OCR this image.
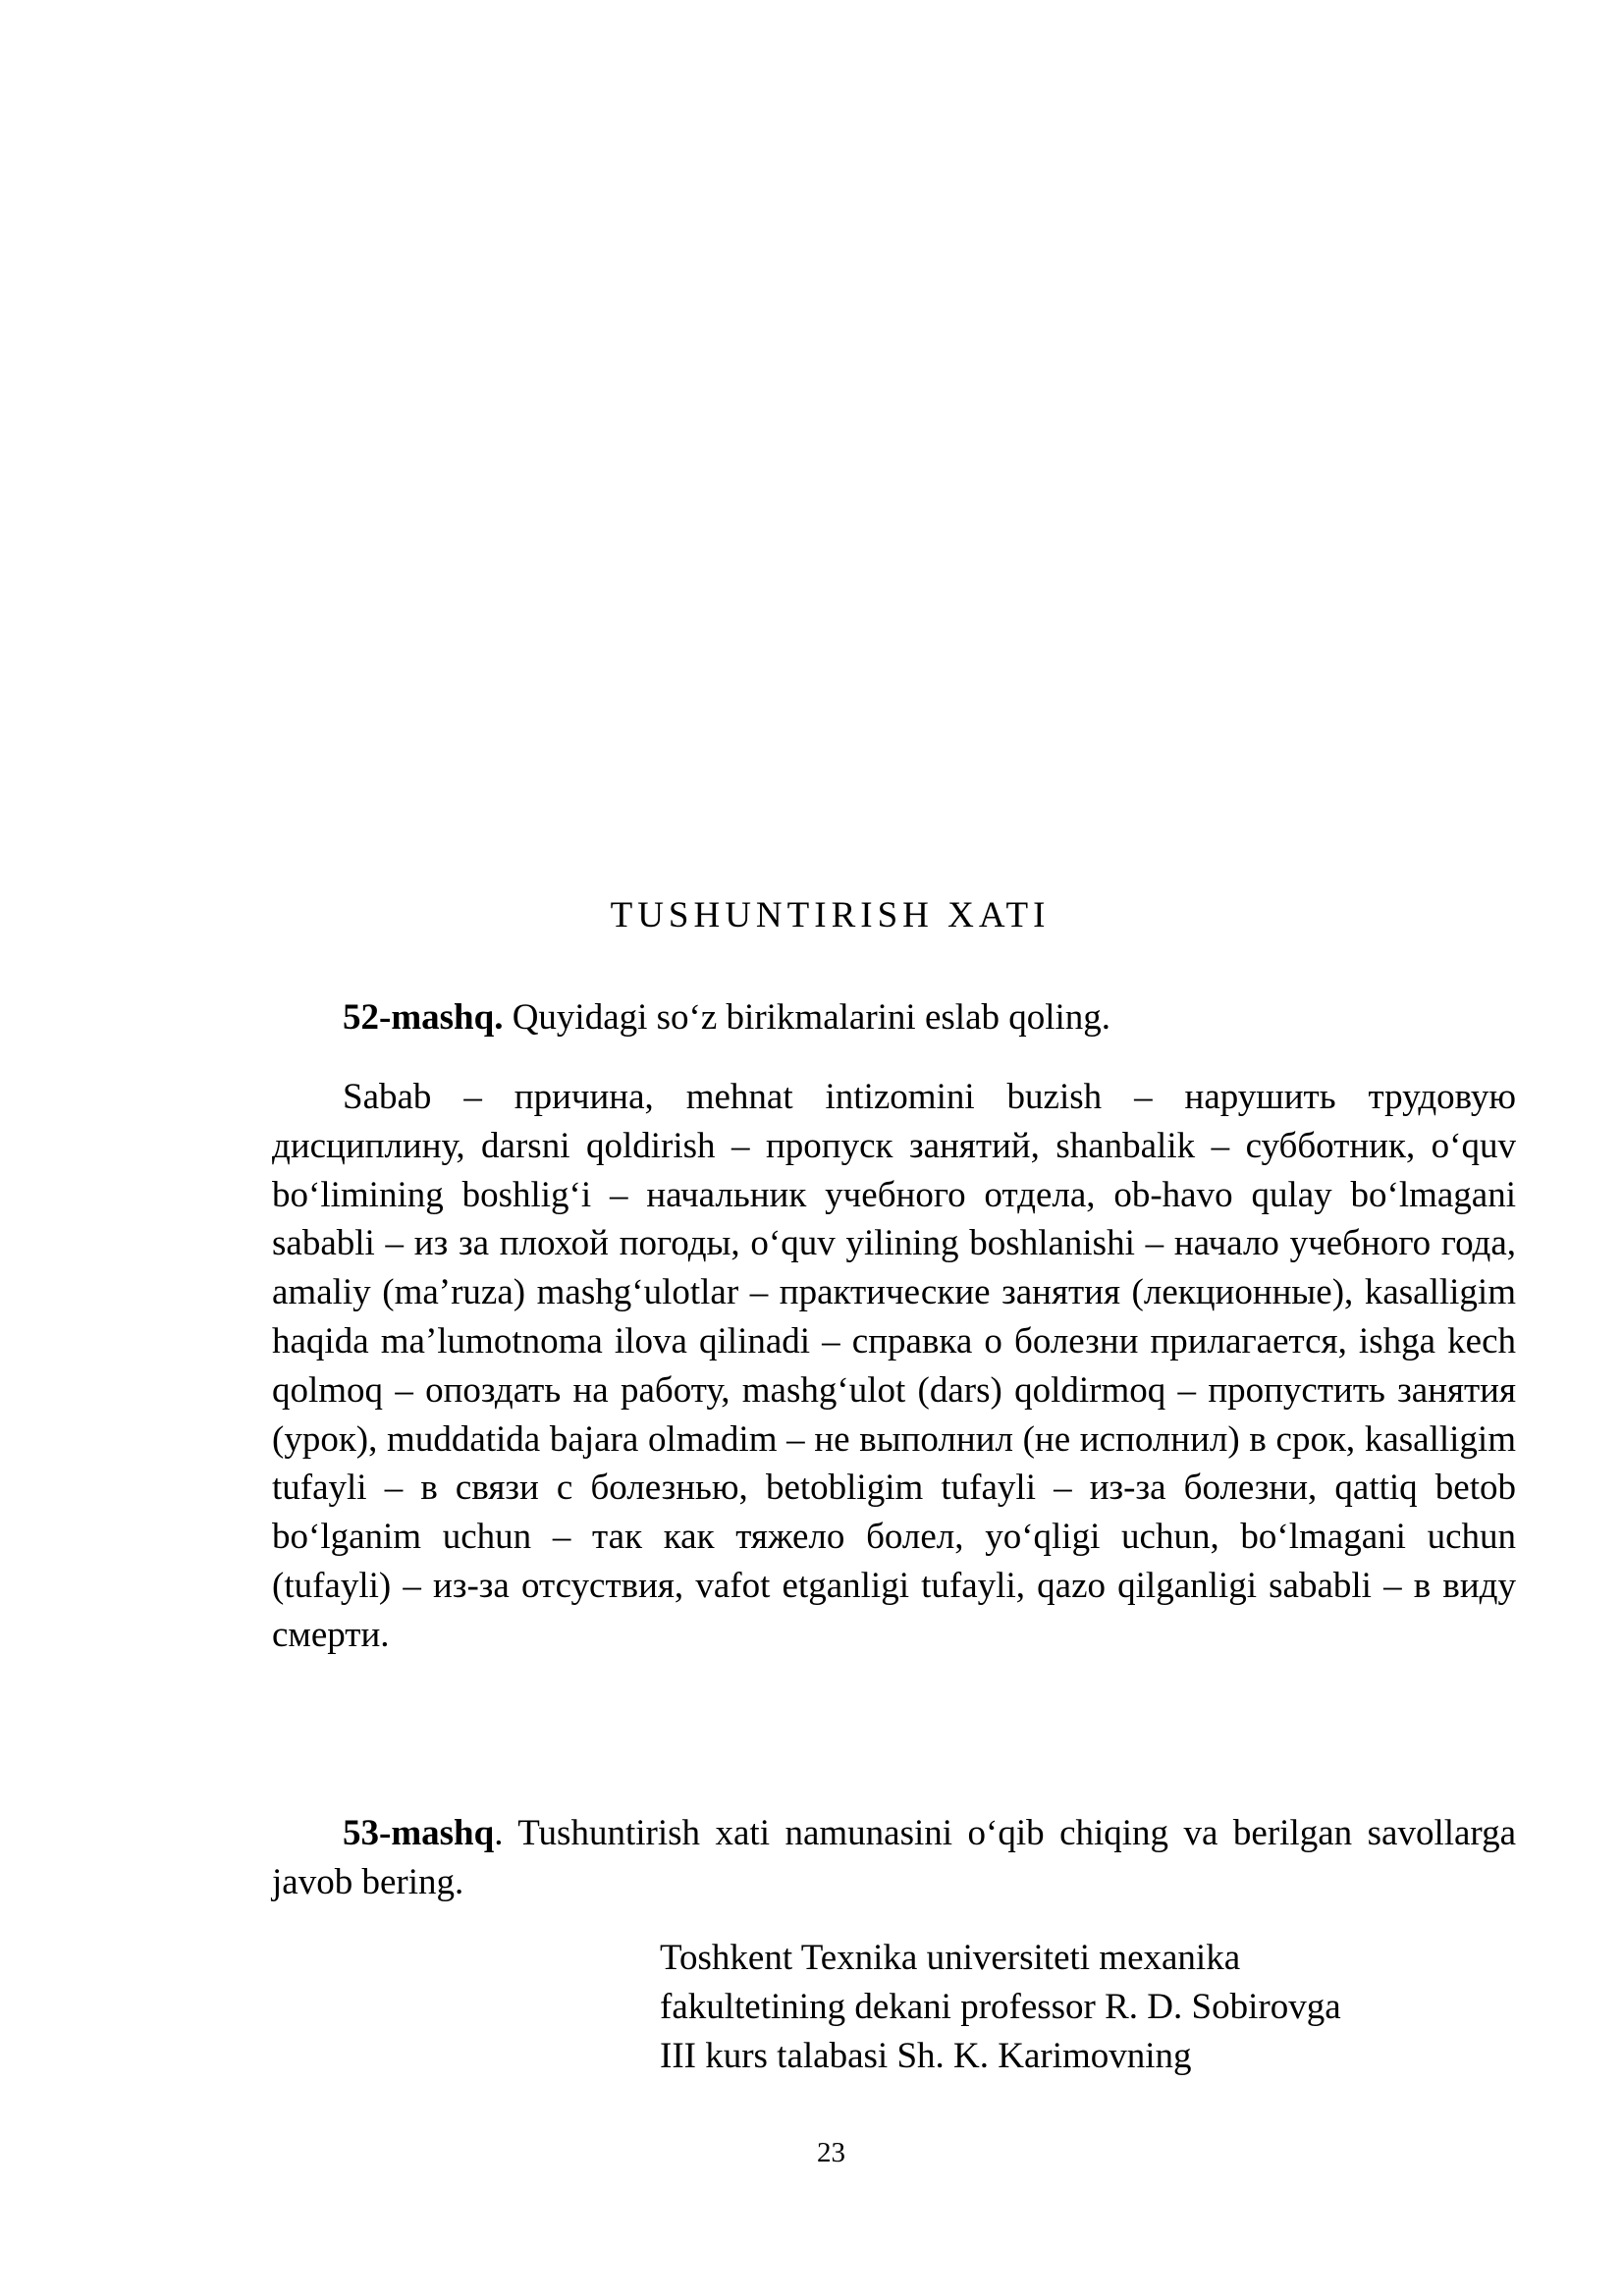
TUSHUNTIRISH XATI

52-mashq. Quyidagi so‘z birikmalarini eslab qoling.

Sabab – причина, mehnat intizomini buzish – нарушить трудовую дисциплину, darsni qoldirish – пропуск занятий, shanbalik – субботник, o‘quv bo‘limining boshlig‘i – начальник учебного отдела, ob-havo qulay bo‘lmagani sababli – из за плохой погоды, o‘quv yilining boshlanishi – начало учебного года, amaliy (ma’ruza) mashg‘ulotlar – практические занятия (лекционные), kasalligim haqida ma’lumotnoma ilova qilinadi – справка о болезни прилагается, ishga kech qolmoq – опоздать на работу, mashg‘ulot (dars) qoldirmoq – пропустить занятия (урок), muddatida bajara olmadim – не выполнил (не исполнил) в срок, kasalligim tufayli – в связи с болезнью, betobligim tufayli – из-за болезни, qattiq betob bo‘lganim uchun – так как тяжело болел, yo‘qligi uchun, bo‘lmagani uchun (tufayli) – из-за отсуствия, vafot etganligi tufayli, qazo qilganligi sababli – в виду смерти.

53-mashq. Tushuntirish xati namunasini o‘qib chiqing va berilgan savollarga javob bering.

Toshkent Texnika universiteti mexanika
fakultetining dekani professor R. D. Sobirovga
III kurs talabasi Sh. K. Karimovning
23
